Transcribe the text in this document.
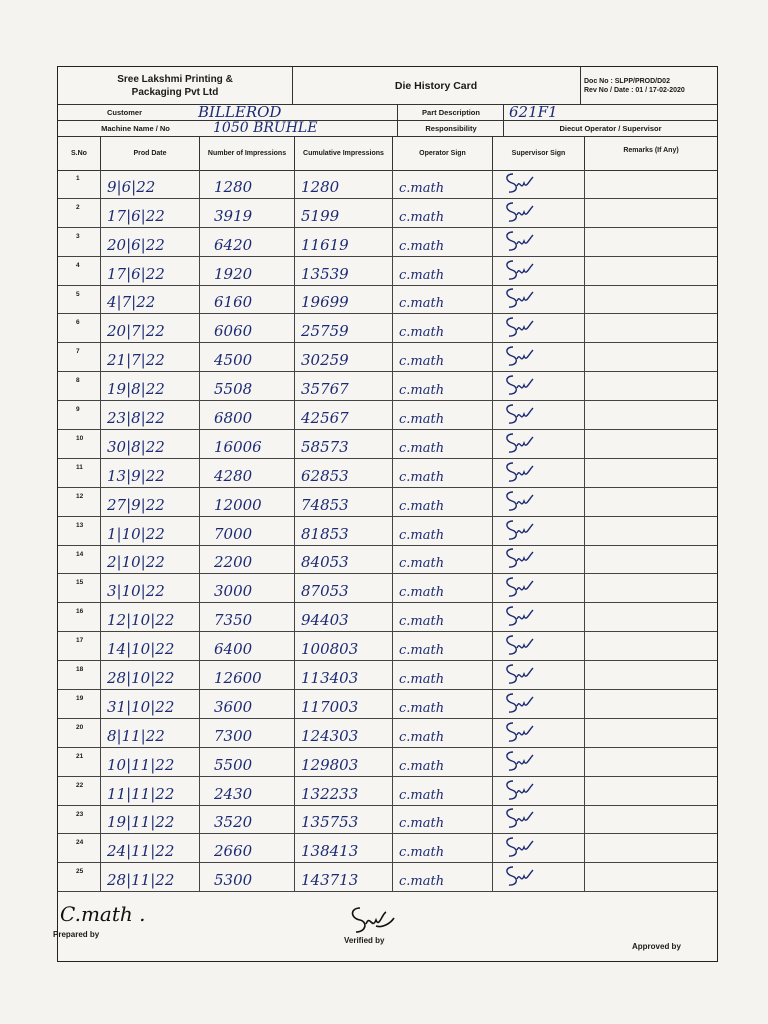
Sree Lakshmi Printing &
Packaging Pvt Ltd
Die History Card	Doc No : SLPP/PROD/D02
Rev No / Date : 01 / 17-02-2020
Customer	BILLEROD	Part Description	621F1
Machine Name / No	1050 BRUHLE	Responsibility	Diecut Operator / Supervisor
S.No	Prod Date	Number of Impressions	Cumulative Impressions	Operator Sign	Supervisor Sign	Remarks (If Any)
1	9|6|22	1280	1280	c.math
2	17|6|22	3919	5199	c.math
3	20|6|22	6420	11619	c.math
4	17|6|22	1920	13539	c.math
5	4|7|22	6160	19699	c.math
6	20|7|22	6060	25759	c.math
7	21|7|22	4500	30259	c.math
8	19|8|22	5508	35767	c.math
9	23|8|22	6800	42567	c.math
10	30|8|22	16006	58573	c.math
11	13|9|22	4280	62853	c.math
12	27|9|22	12000	74853	c.math
13	1|10|22	7000	81853	c.math
14	2|10|22	2200	84053	c.math
15	3|10|22	3000	87053	c.math
16	12|10|22	7350	94403	c.math
17	14|10|22	6400	100803	c.math
18	28|10|22	12600	113403	c.math
19	31|10|22	3600	117003	c.math
20	8|11|22	7300	124303	c.math
21	10|11|22	5500	129803	c.math
22	11|11|22	2430	132233	c.math
23	19|11|22	3520	135753	c.math
24	24|11|22	2660	138413	c.math
25	28|11|22	5300	143713	c.math
C.math .
Prepared by
Verified by
Approved by
